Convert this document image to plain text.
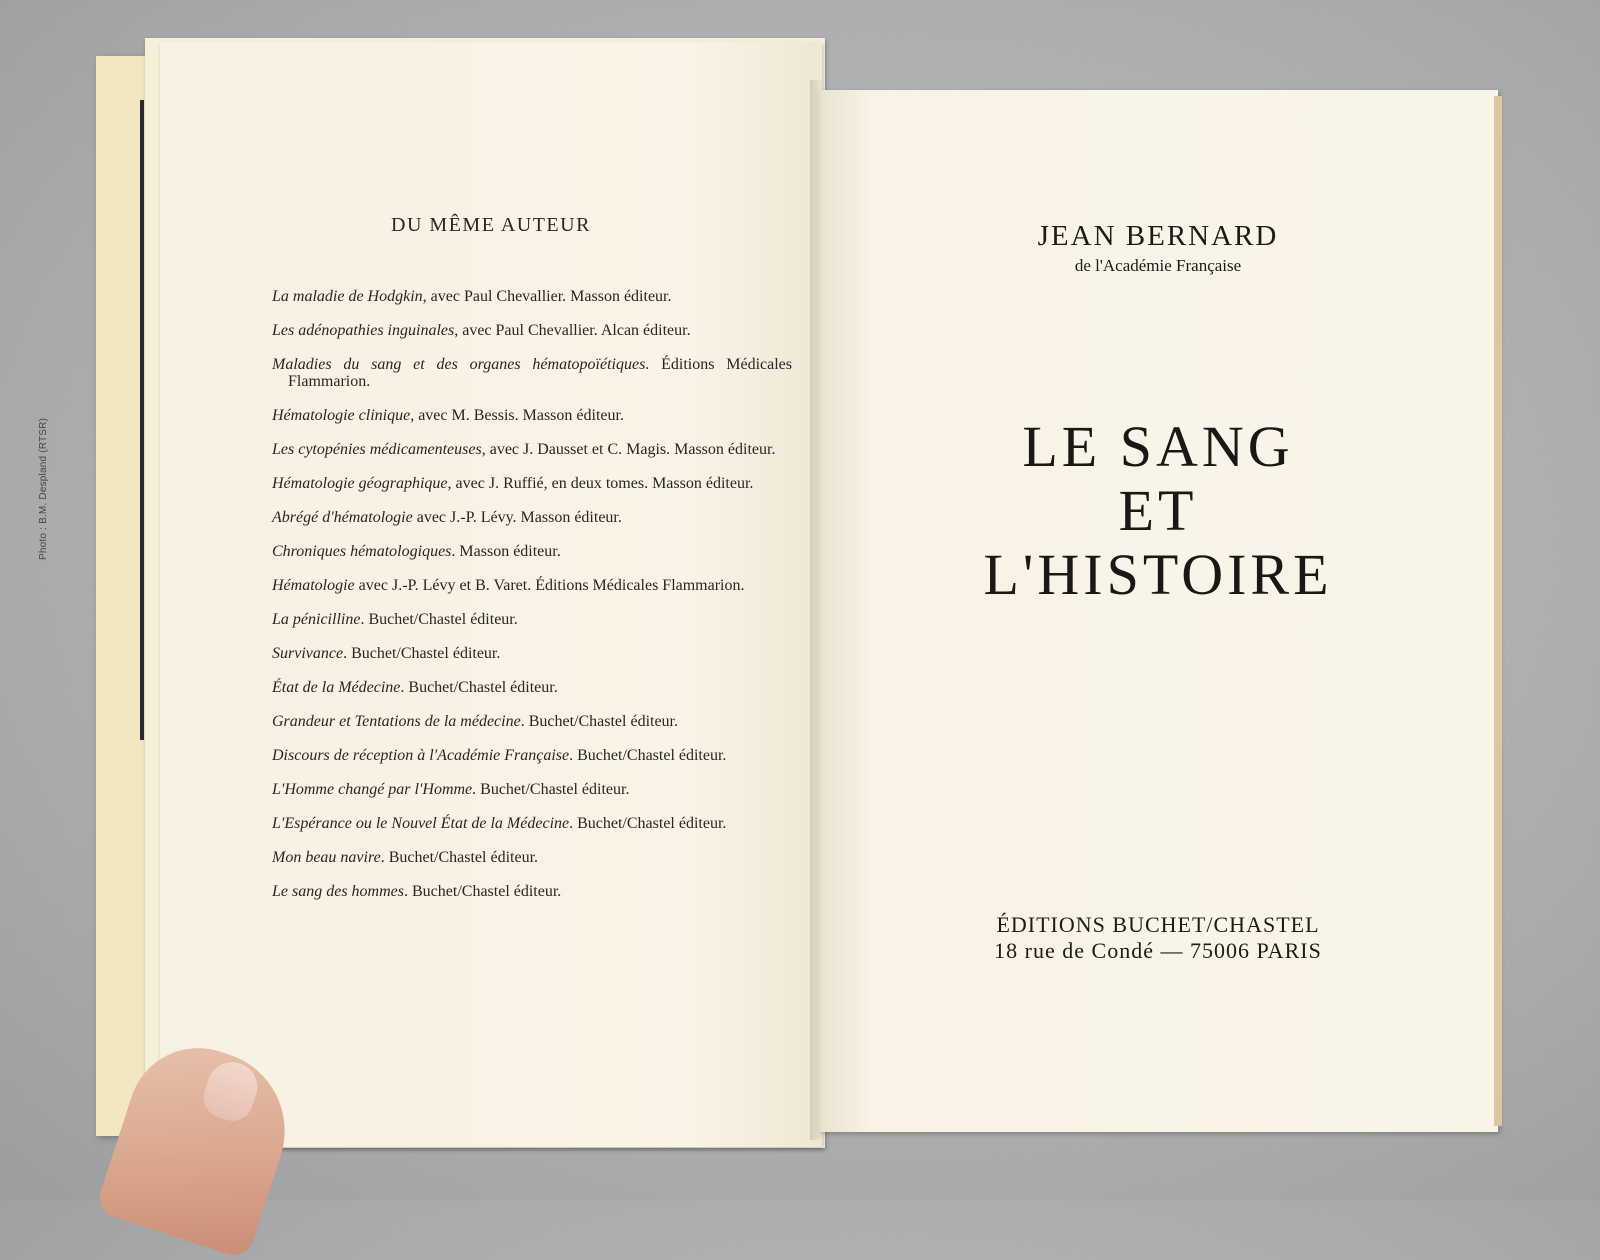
DU MÊME AUTEUR
La maladie de Hodgkin, avec Paul Chevallier. Masson éditeur.
Les adénopathies inguinales, avec Paul Chevallier. Alcan éditeur.
Maladies du sang et des organes hématopoïétiques. Éditions Médicales Flammarion.
Hématologie clinique, avec M. Bessis. Masson éditeur.
Les cytopénies médicamenteuses, avec J. Dausset et C. Magis. Masson éditeur.
Hématologie géographique, avec J. Ruffié, en deux tomes. Masson éditeur.
Abrégé d'hématologie avec J.-P. Lévy. Masson éditeur.
Chroniques hématologiques. Masson éditeur.
Hématologie avec J.-P. Lévy et B. Varet. Éditions Médicales Flammarion.
La pénicilline. Buchet/Chastel éditeur.
Survivance. Buchet/Chastel éditeur.
État de la Médecine. Buchet/Chastel éditeur.
Grandeur et Tentations de la médecine. Buchet/Chastel éditeur.
Discours de réception à l'Académie Française. Buchet/Chastel éditeur.
L'Homme changé par l'Homme. Buchet/Chastel éditeur.
L'Espérance ou le Nouvel État de la Médecine. Buchet/Chastel éditeur.
Mon beau navire. Buchet/Chastel éditeur.
Le sang des hommes. Buchet/Chastel éditeur.
Photo : B.M. Despland (RTSR)
JEAN BERNARD
de l'Académie Française
LE SANG
ET
L'HISTOIRE
ÉDITIONS BUCHET/CHASTEL
18 rue de Condé — 75006 PARIS
